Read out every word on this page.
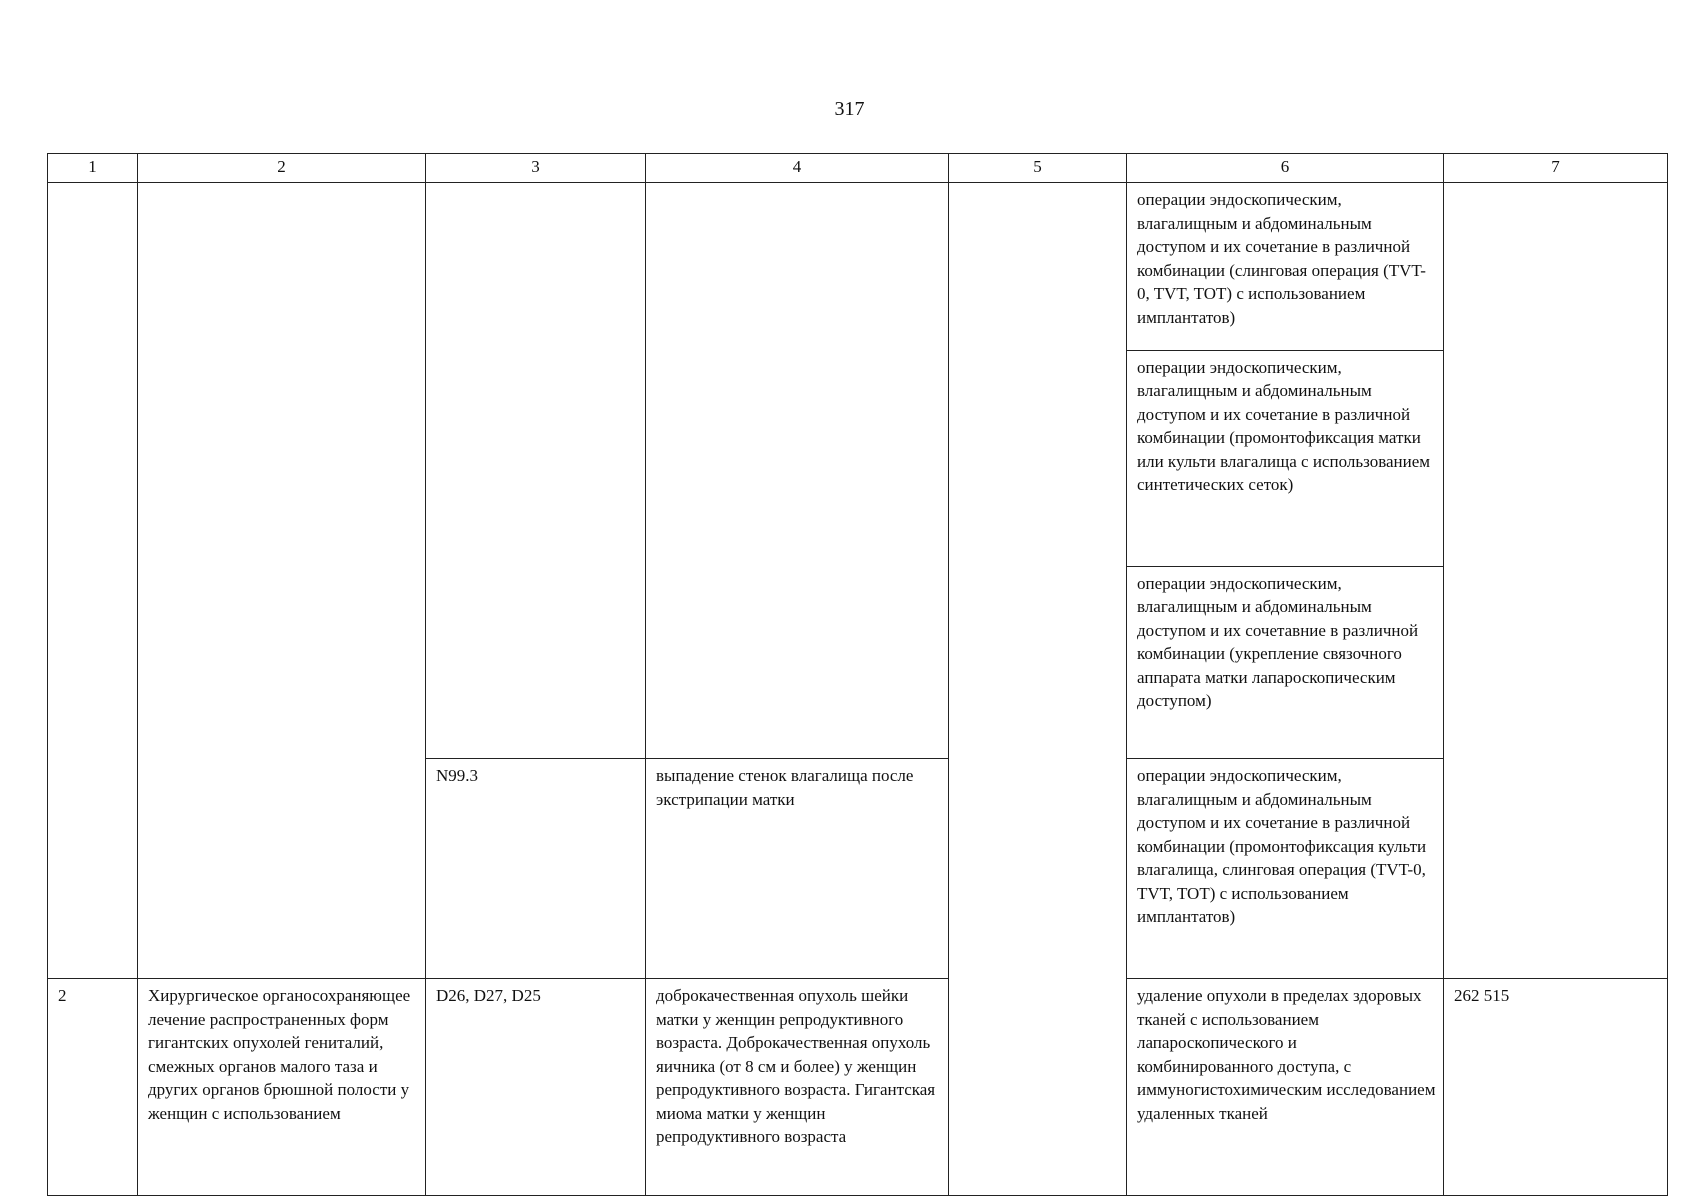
317
1	2	3	4	5	6	7

					операции эндоскопическим, влагалищным и абдоминальным доступом и их сочетание в различной комбинации (слинговая операция (TVT-0, TVT, TOT) с использованием имплантатов)	

					операции эндоскопическим, влагалищным и абдоминальным доступом и их сочетание в различной комбинации (промонтофиксация матки или культи влагалища с использованием синтетических сеток)	

					операции эндоскопическим, влагалищным и абдоминальным доступом и их сочетавние в различной комбинации (укрепление связочного аппарата матки лапароскопическим доступом)	

		N99.3	выпадение стенок влагалища после экстрипации матки		операции эндоскопическим, влагалищным и абдоминальным доступом и их сочетание в различной комбинации (промонтофиксация культи влагалища, слинговая операция (TVT-0, TVT, TOT) с использованием имплантатов)	

2	Хирургическое органосохраняющее лечение распространенных форм гигантских опухолей гениталий, смежных органов малого таза и других органов брюшной полости у женщин с использованием	D26, D27, D25	доброкачественная опухоль шейки матки у женщин репродуктивного возраста. Доброкачественная опухоль яичника (от 8 см и более) у женщин репродуктивного возраста. Гигантская миома матки у женщин репродуктивного возраста		удаление опухоли в пределах здоровых тканей с использованием лапароскопического и комбинированного доступа, с иммуногистохимическим исследованием удаленных тканей	262 515
